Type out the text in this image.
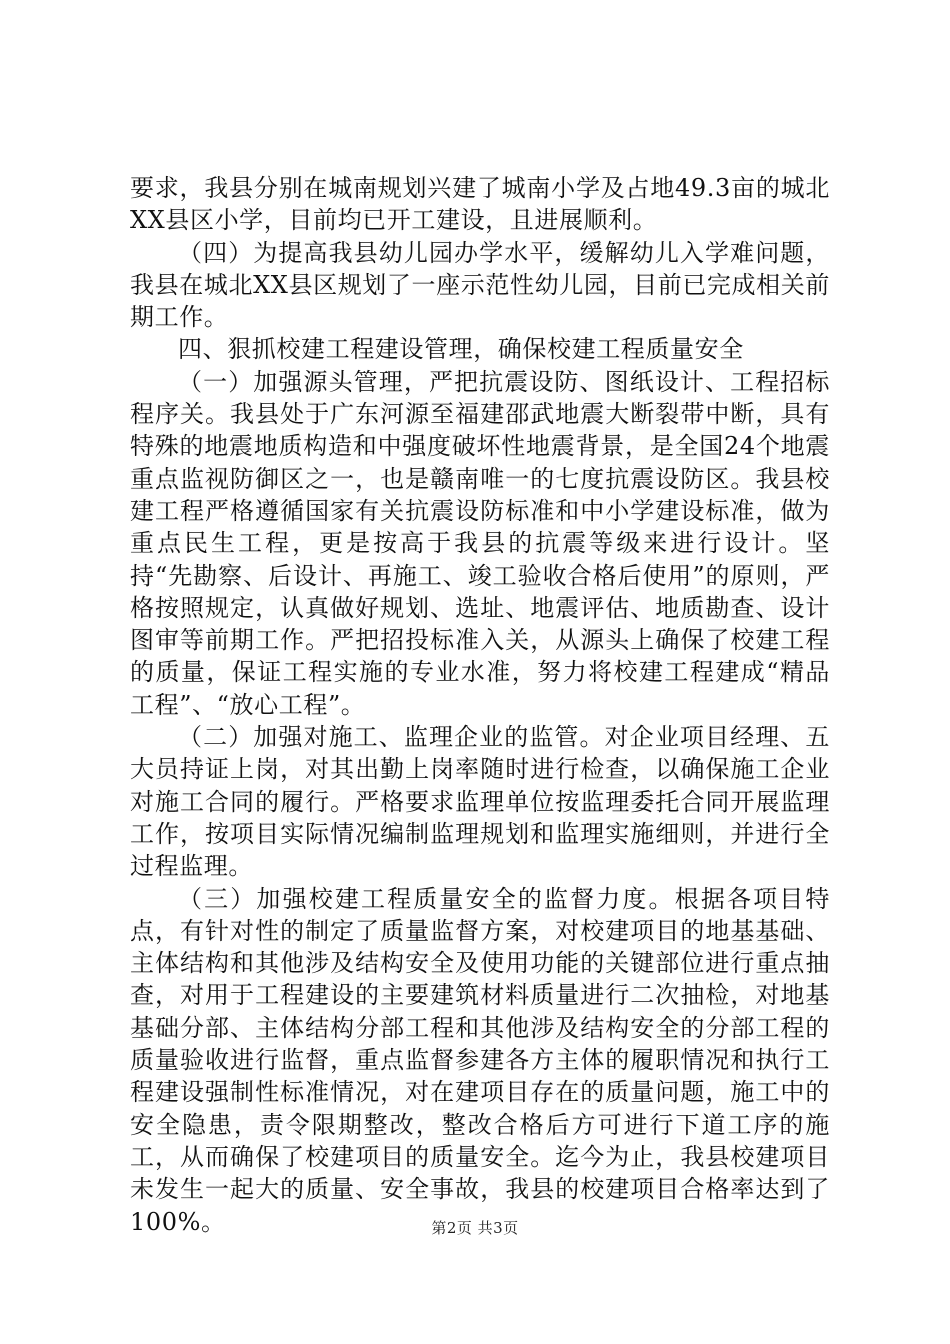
要求，我县分别在城南规划兴建了城南小学及占地49.3亩的城北XX县区小学，目前均已开工建设，且进展顺利。

（四）为提高我县幼儿园办学水平，缓解幼儿入学难问题，我县在城北XX县区规划了一座示范性幼儿园，目前已完成相关前期工作。

四、狠抓校建工程建设管理，确保校建工程质量安全

（一）加强源头管理，严把抗震设防、图纸设计、工程招标程序关。我县处于广东河源至福建邵武地震大断裂带中断，具有特殊的地震地质构造和中强度破坏性地震背景，是全国24个地震重点监视防御区之一，也是赣南唯一的七度抗震设防区。我县校建工程严格遵循国家有关抗震设防标准和中小学建设标准，做为重点民生工程，更是按高于我县的抗震等级来进行设计。坚持“先勘察、后设计、再施工、竣工验收合格后使用”的原则，严格按照规定，认真做好规划、选址、地震评估、地质勘查、设计图审等前期工作。严把招投标准入关，从源头上确保了校建工程的质量，保证工程实施的专业水准，努力将校建工程建成“精品工程”、“放心工程”。

（二）加强对施工、监理企业的监管。对企业项目经理、五大员持证上岗，对其出勤上岗率随时进行检查，以确保施工企业对施工合同的履行。严格要求监理单位按监理委托合同开展监理工作，按项目实际情况编制监理规划和监理实施细则，并进行全过程监理。

（三）加强校建工程质量安全的监督力度。根据各项目特点，有针对性的制定了质量监督方案，对校建项目的地基基础、主体结构和其他涉及结构安全及使用功能的关键部位进行重点抽查，对用于工程建设的主要建筑材料质量进行二次抽检，对地基基础分部、主体结构分部工程和其他涉及结构安全的分部工程的质量验收进行监督，重点监督参建各方主体的履职情况和执行工程建设强制性标准情况，对在建项目存在的质量问题，施工中的安全隐患，责令限期整改，整改合格后方可进行下道工序的施工，从而确保了校建项目的质量安全。迄今为止，我县校建项目未发生一起大的质量、安全事故，我县的校建项目合格率达到了100%。	第2页 共3页
